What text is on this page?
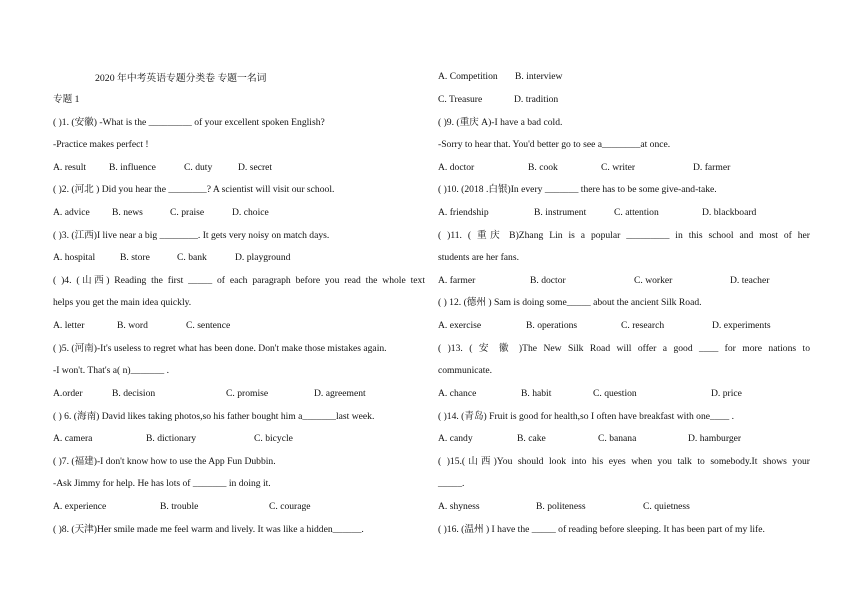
2020 年中考英语专题分类卷 专题一名词
专题 1
( )1. (安徽) -What is the _________ of your excellent spoken English?
-Practice makes perfect !
A. result B. influence	C. duty	D. secret
( )2. (河北 ) Did you hear the ________? A scientist will visit our school.
A. advice B. news	C. praise	D. choice
( )3. (江西)I live near a big ________. It gets very noisy on match days.
A. hospital	B. store	C. bank	D. playground
( )4. (山西) Reading the first _____ of each paragraph before you read the whole text
helps you get the main idea quickly.
A. letter	B. word	C. sentence
( )5. (河南)-It's useless to regret what has been done. Don't make those mistakes again.
-I won't. That's a( n)_______ .
A.order	B. decision	C. promise	D. agreement
( ) 6. (海南) David likes taking photos,so his father bought him a_______last week.
A. camera	B. dictionary	C. bicycle
( )7. (福建)-I don't know how to use the App Fun Dubbin.
-Ask Jimmy for help. He has lots of _______ in doing it.
A. experience	B. trouble	C. courage
( )8. (天津)Her smile made me feel warm and lively. It was like a hidden______.
A. Competition B. interview
C. Treasure	D. tradition
( )9. (重庆 A)-I have a bad cold.
-Sorry to hear that. You'd better go to see a________at once.
A. doctor	B. cook	C. writer	D. farmer
( )10. (2018 .白银)In every _______ there has to be some give-and-take.
A. friendship	B. instrument	C. attention	D. blackboard
( )11. ( 重庆 B)Zhang Lin is a popular _________ in this school and most of her
students are her fans.
A. farmer	B. doctor	C. worker	D. teacher
( ) 12. (德州 ) Sam is doing some_____ about the ancient Silk Road.
A. exercise	B. operations	C. research	D. experiments
( )13. ( 安 徽 )The New Silk Road will offer a good ____ for more nations to
communicate.
A. chance	B. habit	C. question	D. price
( )14. (青岛) Fruit is good for health,so I often have breakfast with one____ .
A. candy	B. cake	C. banana	D. hamburger
( )15.(山西)You should look into his eyes when you talk to somebody.It shows your
_____.
A. shyness	B. politeness	C. quietness
( )16. (温州 ) I have the _____ of reading before sleeping. It has been part of my life.
